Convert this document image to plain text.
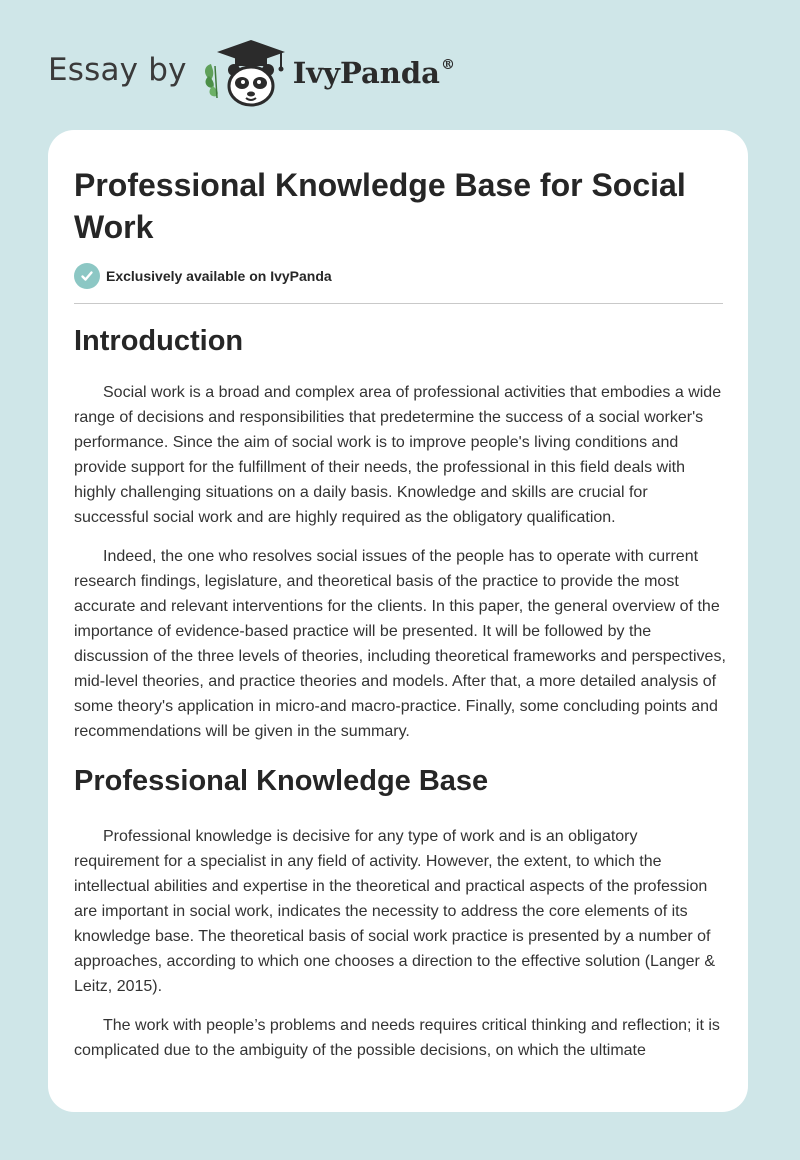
Essay by	IvyPanda®
Professional Knowledge Base for Social Work
Exclusively available on IvyPanda
Introduction

Social work is a broad and complex area of professional activities that embodies a wide range of decisions and responsibilities that predetermine the success of a social worker's performance. Since the aim of social work is to improve people's living conditions and provide support for the fulfillment of their needs, the professional in this field deals with highly challenging situations on a daily basis. Knowledge and skills are crucial for successful social work and are highly required as the obligatory qualification.

Indeed, the one who resolves social issues of the people has to operate with current research findings, legislature, and theoretical basis of the practice to provide the most accurate and relevant interventions for the clients. In this paper, the general overview of the importance of evidence-based practice will be presented. It will be followed by the discussion of the three levels of theories, including theoretical frameworks and perspectives, mid-level theories, and practice theories and models. After that, a more detailed analysis of some theory's application in micro-and macro-practice. Finally, some concluding points and recommendations will be given in the summary.

Professional Knowledge Base

Professional knowledge is decisive for any type of work and is an obligatory requirement for a specialist in any field of activity. However, the extent, to which the intellectual abilities and expertise in the theoretical and practical aspects of the profession are important in social work, indicates the necessity to address the core elements of its knowledge base. The theoretical basis of social work practice is presented by a number of approaches, according to which one chooses a direction to the effective solution (Langer & Leitz, 2015).

The work with people’s problems and needs requires critical thinking and reflection; it is complicated due to the ambiguity of the possible decisions, on which the ultimate
